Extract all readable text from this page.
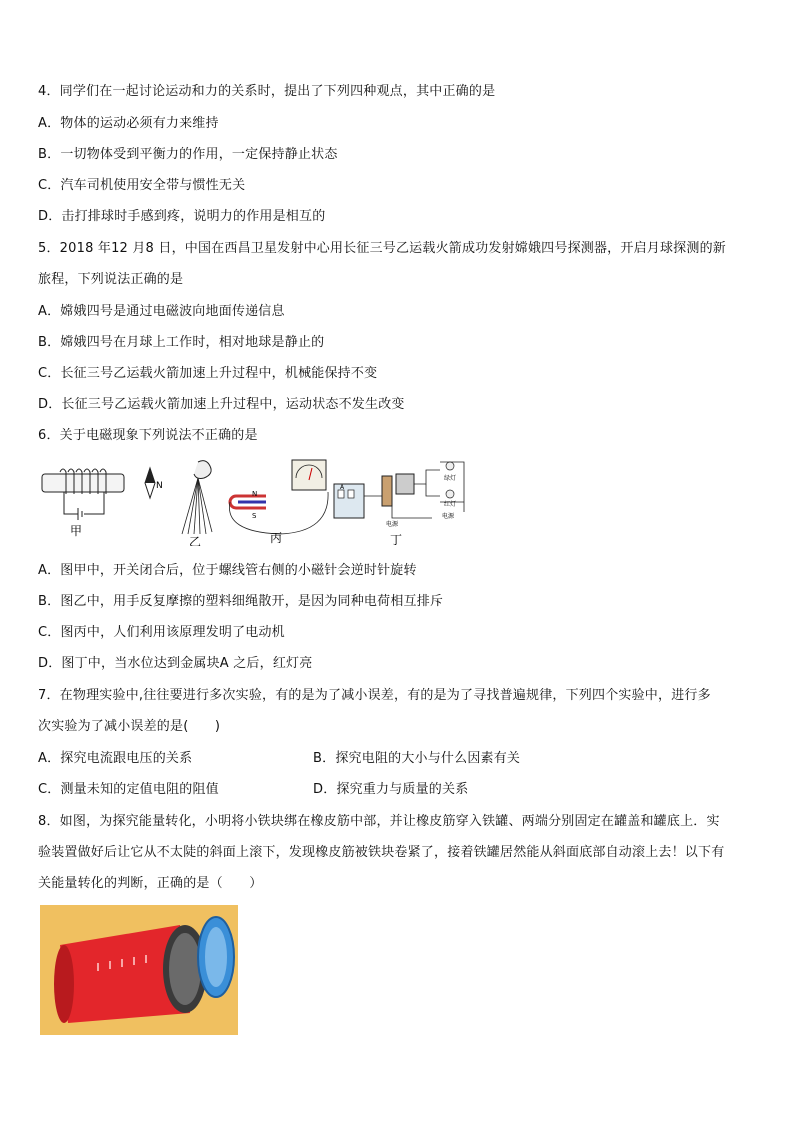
4．同学们在一起讨论运动和力的关系时，提出了下列四种观点，其中正确的是
A．物体的运动必须有力来维持
B．一切物体受到平衡力的作用，一定保持静止状态
C．汽车司机使用安全带与惯性无关
D．击打排球时手感到疼，说明力的作用是相互的
5．2018 年12 月8 日，中国在西昌卫星发射中心用长征三号乙运载火箭成功发射嫦娥四号探测器，开启月球探测的新
旅程，下列说法正确的是
A．嫦娥四号是通过电磁波向地面传递信息
B．嫦娥四号在月球上工作时，相对地球是静止的
C．长征三号乙运载火箭加速上升过程中，机械能保持不变
D．长征三号乙运载火箭加速上升过程中，运动状态不发生改变
6．关于电磁现象下列说法不正确的是
N
甲
乙
N
S
丙
绿灯
红灯
电源
电源
A
丁
A．图甲中，开关闭合后，位于螺线管右侧的小磁针会逆时针旋转
B．图乙中，用手反复摩擦的塑料细绳散开，是因为同种电荷相互排斥
C．图丙中，人们利用该原理发明了电动机
D．图丁中，当水位达到金属块A 之后，红灯亮
7．在物理实验中,往往要进行多次实验，有的是为了减小误差，有的是为了寻找普遍规律，下列四个实验中，进行多
次实验为了减小误差的是(　　)
A．探究电流跟电压的关系	B．探究电阻的大小与什么因素有关
C．测量未知的定值电阻的阻值	D．探究重力与质量的关系
8．如图，为探究能量转化，小明将小铁块绑在橡皮筋中部，并让橡皮筋穿入铁罐、两端分别固定在罐盖和罐底上．实
验装置做好后让它从不太陡的斜面上滚下，发现橡皮筋被铁块卷紧了，接着铁罐居然能从斜面底部自动滚上去！以下有
关能量转化的判断，正确的是（　　）
